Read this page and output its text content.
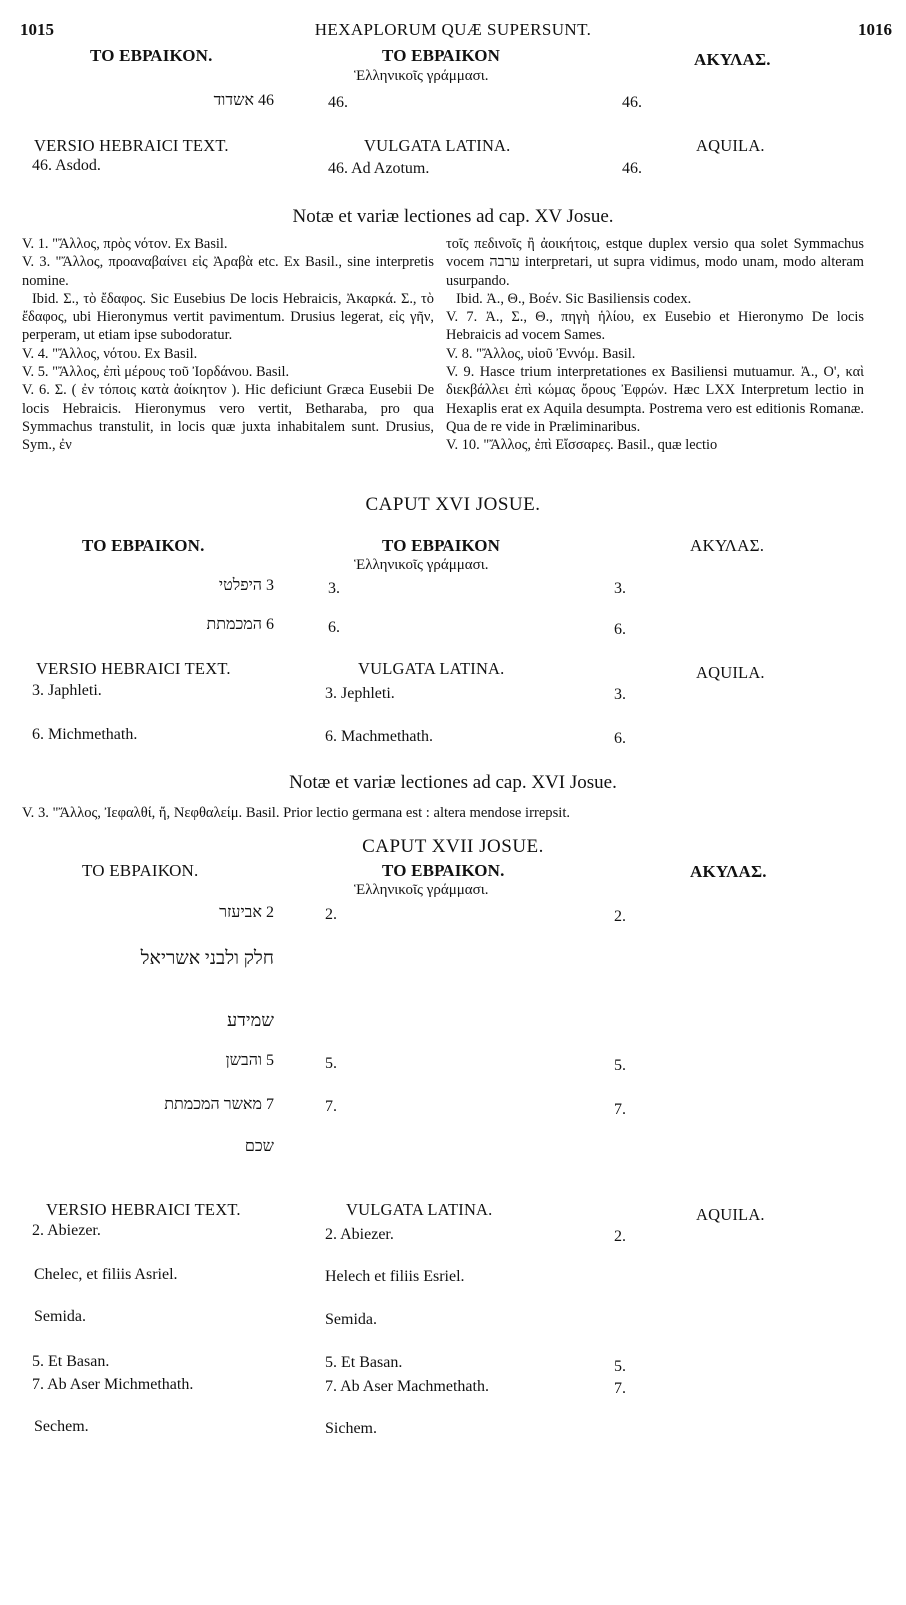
1015	HEXAPLORUM QUÆ SUPERSUNT.	1016
ΤΟ ΕΒΡΑΙΚΟΝ.	ΤΟ ΕΒΡΑΙΚΟΝ
Ἑλληνικοῖς γράμμασι.
ΑΚΥΛΑΣ.
46 אשדוד	46.	46.
VERSIO HEBRAICI TEXT.	VULGATA LATINA.	AQUILA.
46. Asdod.	46. Ad Azotum.	46.
Notæ et variæ lectiones ad cap. XV Josue.

V. 1. "Ἄλλος, πρὸς νότον. Ex Basil.

V. 3. "Ἄλλος, προαναβαίνει εἰς Ἀραβὰ etc. Ex Basil., sine interpretis nomine.

Ibid. Σ., τὸ ἔδαφος. Sic Eusebius De locis Hebraicis, Ἀκαρκά. Σ., τὸ ἔδαφος, ubi Hieronymus vertit pavimentum. Drusius legerat, εἰς γῆν, perperam, ut etiam ipse subodoratur.

V. 4. "Ἄλλος, νότου. Ex Basil.

V. 5. "Ἄλλος, ἐπὶ μέρους τοῦ Ἰορδάνου. Basil.

V. 6. Σ. ( ἐν τόποις κατὰ ἀοίκητον ). Hic deficiunt Græca Eusebii De locis Hebraicis. Hieronymus vero vertit, Betharaba, pro qua Symmachus transtulit, in locis quæ juxta inhabitalem sunt. Drusius, Sym., ἐν

τοῖς πεδινοῖς ἢ ἀοικήτοις, estque duplex versio qua solet Symmachus vocem ערבה interpretari, ut supra vidimus, modo unam, modo alteram usurpando.

Ibid. Ἀ., Θ., Βοέν. Sic Basiliensis codex.

V. 7. Ἀ., Σ., Θ., πηγὴ ἡλίου, ex Eusebio et Hieronymo De locis Hebraicis ad vocem Sames.

V. 8. "Ἄλλος, υἱοῦ Ἐννόμ. Basil.

V. 9. Hasce trium interpretationes ex Basiliensi mutuamur. Ἀ., Ο', καὶ διεκβάλλει ἐπὶ κώμας ὄρους Ἐφρών. Hæc LXX Interpretum lectio in Hexaplis erat ex Aquila desumpta. Postrema vero est editionis Romanæ. Qua de re vide in Præliminaribus.

V. 10. "Ἄλλος, ἐπὶ Εἴσσαρες. Basil., quæ lectio

CAPUT XVI JOSUE.
ΤΟ ΕΒΡΑΙΚΟΝ.	ΤΟ ΕΒΡΑΙΚΟΝ
Ἑλληνικοῖς γράμμασι.
ΑΚΥΛΑΣ.
3 היפלטי	3.	3.
6 המכמתת	6.	6.
VERSIO HEBRAICI TEXT.	VULGATA LATINA.	AQUILA.
3. Japhleti.	3. Jephleti.	3.
6. Michmethath.	6. Machmethath.	6.
Notæ et variæ lectiones ad cap. XVI Josue.
V. 3. "Ἄλλος, Ἰεφαλθί, ἤ, Νεφθαλείμ. Basil. Prior lectio germana est : altera mendose irrepsit.
CAPUT XVII JOSUE.
ΤΟ ΕΒΡΑΙΚΟΝ.	ΤΟ ΕΒΡΑΙΚΟΝ.
Ἑλληνικοῖς γράμμασι.
ΑΚΥΛΑΣ.
2 אביעזר	2.	2.
חלק ולבני אשריאל
שמידע
5 והבשן	5.	5.
7 מאשר המכמתת	7.	7.
שכם
VERSIO HEBRAICI TEXT.	VULGATA LATINA.	AQUILA.
2. Abiezer.	2. Abiezer.	2.
Chelec, et filiis Asriel.	Helech et filiis Esriel.
Semida.	Semida.
5. Et Basan.	5. Et Basan.	5.
7. Ab Aser Michmethath.	7. Ab Aser Machmethath.	7.
Sechem.	Sichem.
